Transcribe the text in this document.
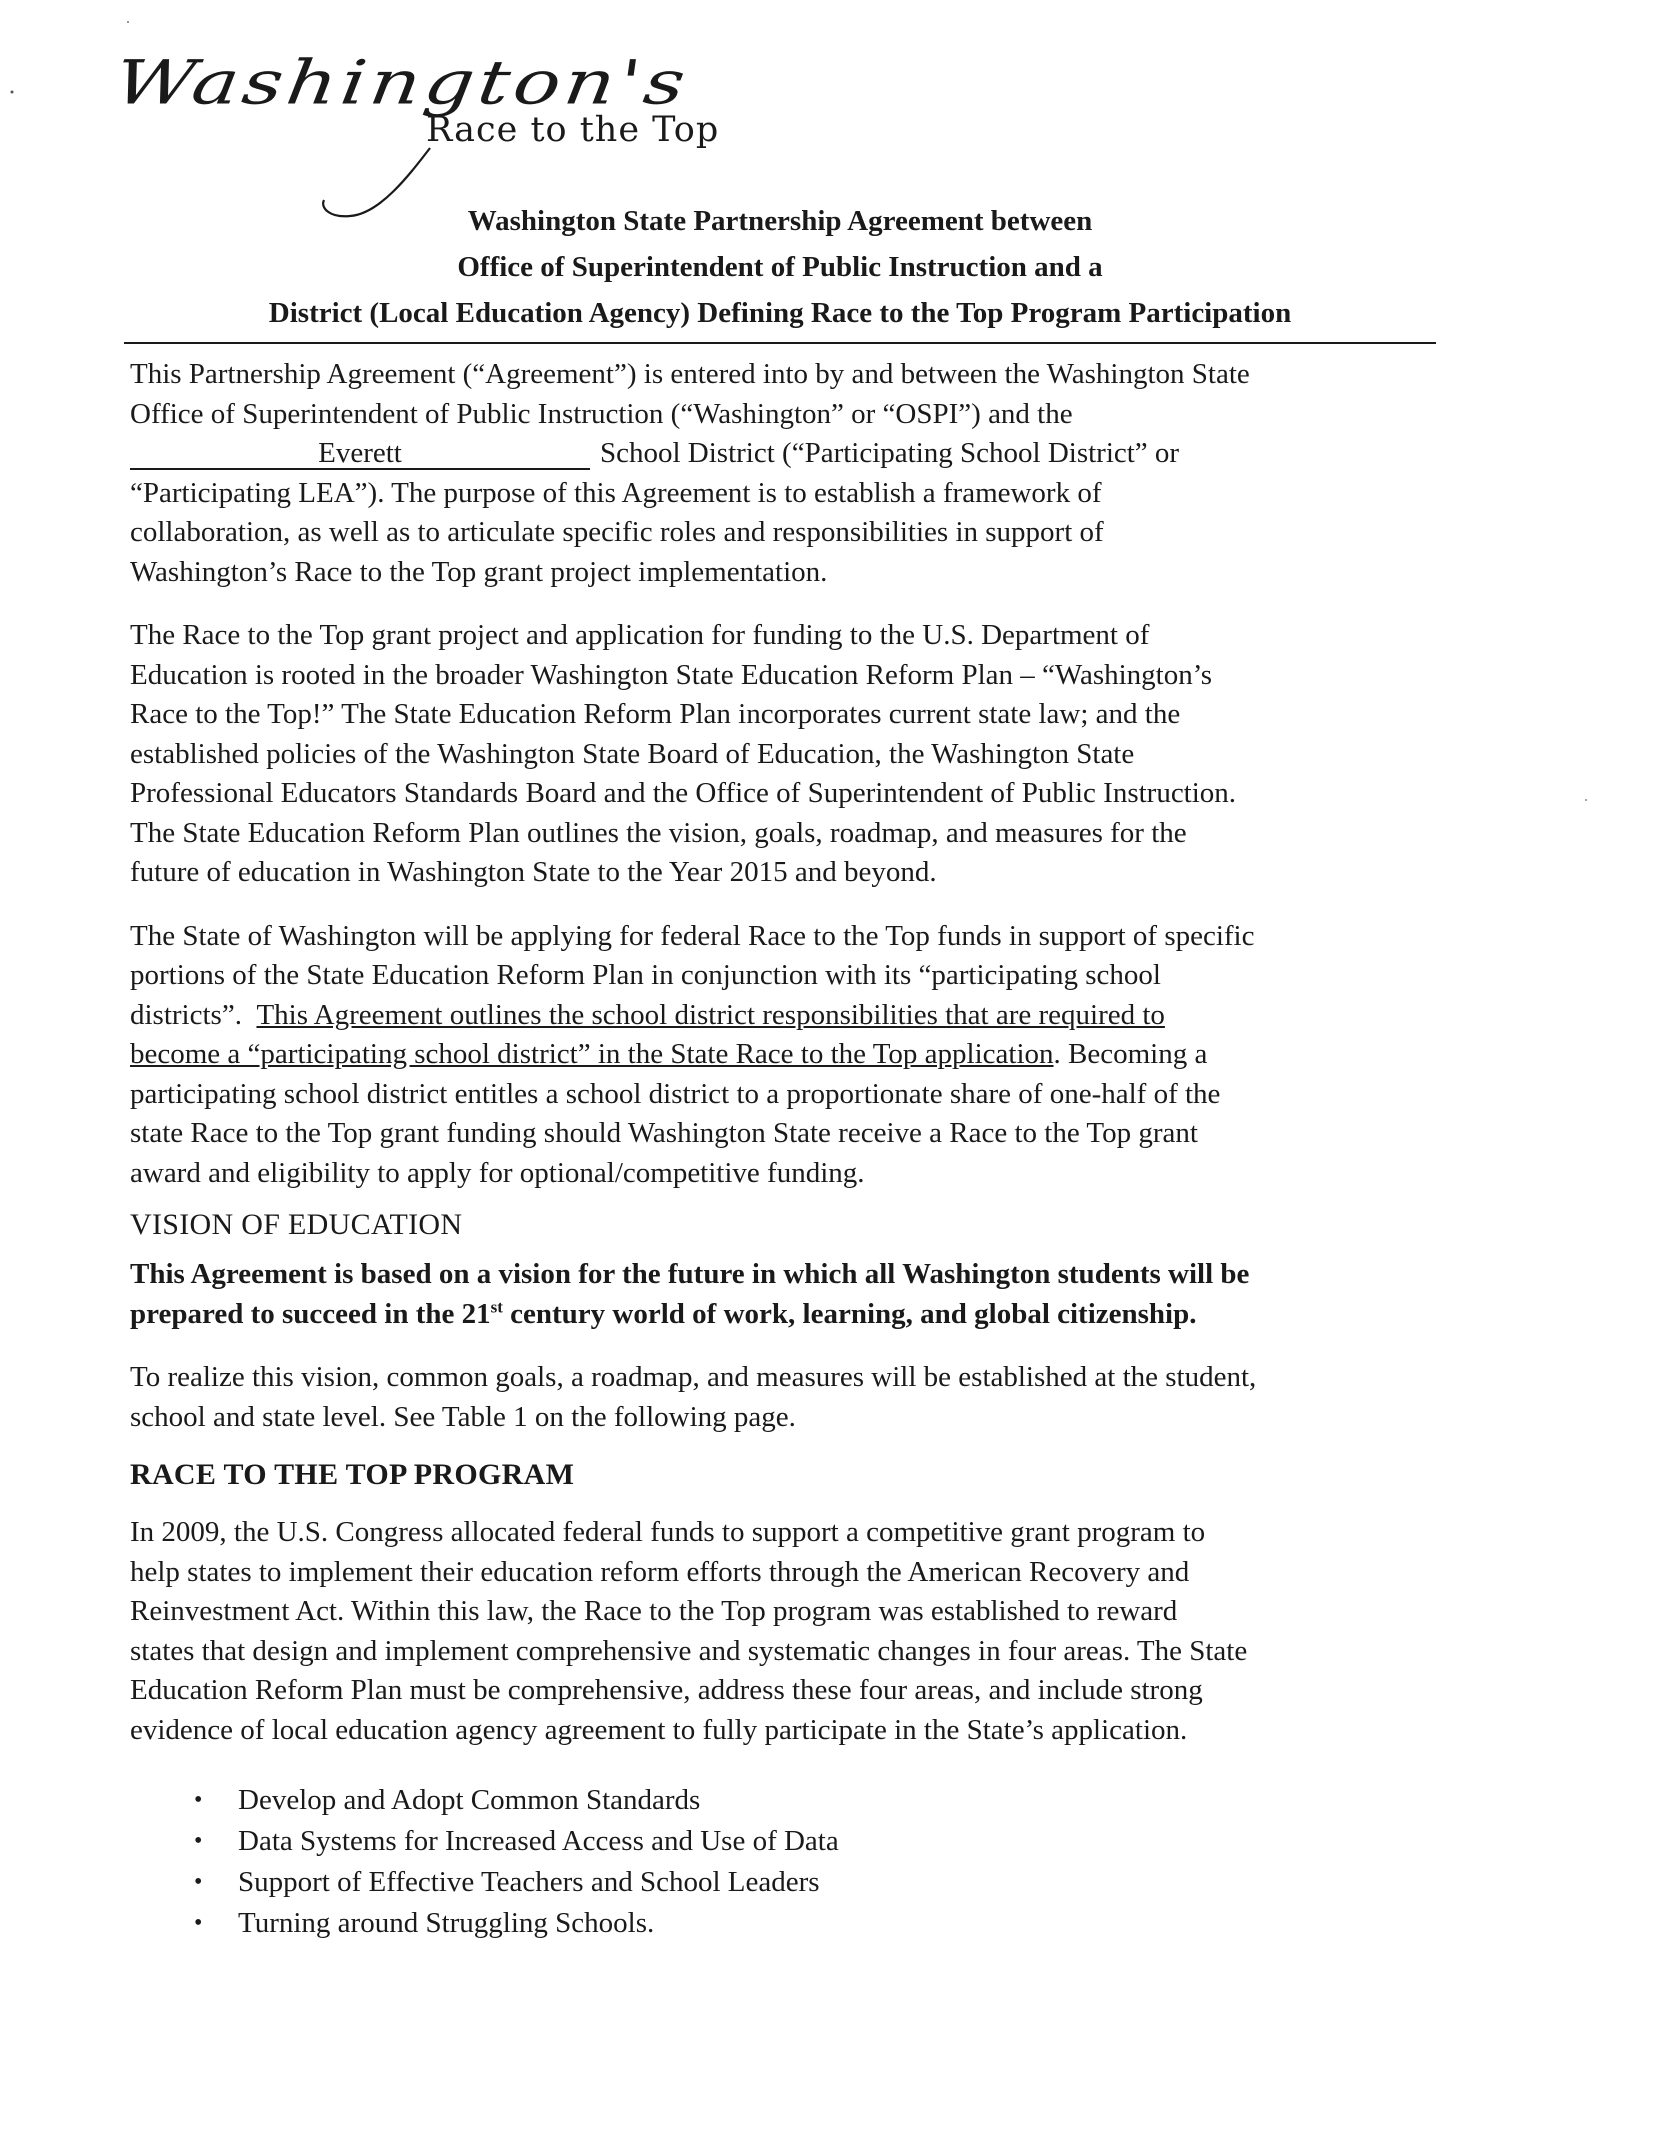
Washington's
Race to the Top
Washington State Partnership Agreement between
Office of Superintendent of Public Instruction and a
District (Local Education Agency) Defining Race to the Top Program Participation

This Partnership Agreement (“Agreement”) is entered into by and between the Washington State

Office of Superintendent of Public Instruction (“Washington” or “OSPI”) and the

Everett	School District (“Participating School District” or

“Participating LEA”). The purpose of this Agreement is to establish a framework of

collaboration, as well as to articulate specific roles and responsibilities in support of

Washington’s Race to the Top grant project implementation.

The Race to the Top grant project and application for funding to the U.S. Department of

Education is rooted in the broader Washington State Education Reform Plan – “Washington’s

Race to the Top!” The State Education Reform Plan incorporates current state law; and the

established policies of the Washington State Board of Education, the Washington State

Professional Educators Standards Board and the Office of Superintendent of Public Instruction.

The State Education Reform Plan outlines the vision, goals, roadmap, and measures for the

future of education in Washington State to the Year 2015 and beyond.

The State of Washington will be applying for federal Race to the Top funds in support of specific

portions of the State Education Reform Plan in conjunction with its “participating school

districts”. This Agreement outlines the school district responsibilities that are required to

become a “participating school district” in the State Race to the Top application. Becoming a

participating school district entitles a school district to a proportionate share of one-half of the

state Race to the Top grant funding should Washington State receive a Race to the Top grant

award and eligibility to apply for optional/competitive funding.

VISION OF EDUCATION

This Agreement is based on a vision for the future in which all Washington students will be

prepared to succeed in the 21st century world of work, learning, and global citizenship.

To realize this vision, common goals, a roadmap, and measures will be established at the student,

school and state level. See Table 1 on the following page.

RACE TO THE TOP PROGRAM

In 2009, the U.S. Congress allocated federal funds to support a competitive grant program to

help states to implement their education reform efforts through the American Recovery and

Reinvestment Act. Within this law, the Race to the Top program was established to reward

states that design and implement comprehensive and systematic changes in four areas. The State

Education Reform Plan must be comprehensive, address these four areas, and include strong

evidence of local education agency agreement to fully participate in the State’s application.

• Develop and Adopt Common Standards
• Data Systems for Increased Access and Use of Data
• Support of Effective Teachers and School Leaders
• Turning around Struggling Schools.
